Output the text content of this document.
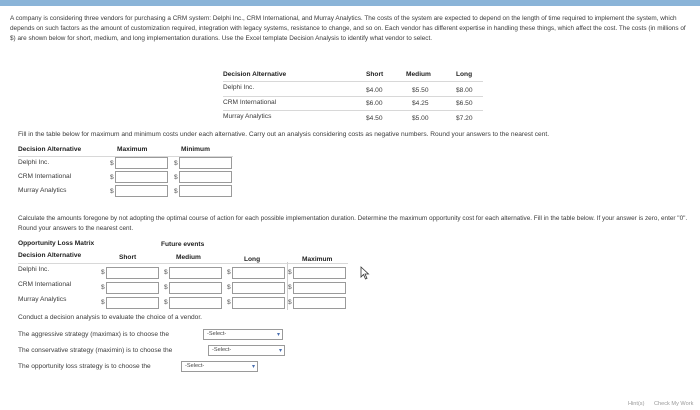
A company is considering three vendors for purchasing a CRM system: Delphi Inc., CRM International, and Murray Analytics. The costs of the system are expected to depend on the length of time required to implement the system, which depends on such factors as the amount of customization required, integration with legacy systems, resistance to change, and so on. Each vendor has different expertise in handling these things, which affect the cost. The costs (in millions of $) are shown below for short, medium, and long implementation durations. Use the Excel template Decision Analysis to identify what vendor to select.
Decision Alternative	Short	Medium	Long
Delphi Inc.	$4.00	$5.50	$8.00
CRM International	$6.00	$4.25	$6.50
Murray Analytics	$4.50	$5.00	$7.20
Fill in the table below for maximum and minimum costs under each alternative. Carry out an analysis considering costs as negative numbers. Round your answers to the nearest cent.
Decision Alternative	Maximum	Minimum
Delphi Inc.	$	$
CRM International	$	$
Murray Analytics	$	$
Calculate the amounts foregone by not adopting the optimal course of action for each possible implementation duration. Determine the maximum opportunity cost for each alternative. Fill in the table below. If your answer is zero, enter "0". Round your answers to the nearest cent.
Opportunity Loss Matrix	Future events
Decision Alternative	Short	Medium	Long	Maximum
Delphi Inc.	$	$	$	$
CRM International	$	$	$	$
Murray Analytics	$	$	$	$
Conduct a decision analysis to evaluate the choice of a vendor.
The aggressive strategy (maximax) is to choose the	-Select-	▾
The conservative strategy (maximin) is to choose the	-Select-	▾
The opportunity loss strategy is to choose the	-Select-	▾
Hint(s) Check My Work
